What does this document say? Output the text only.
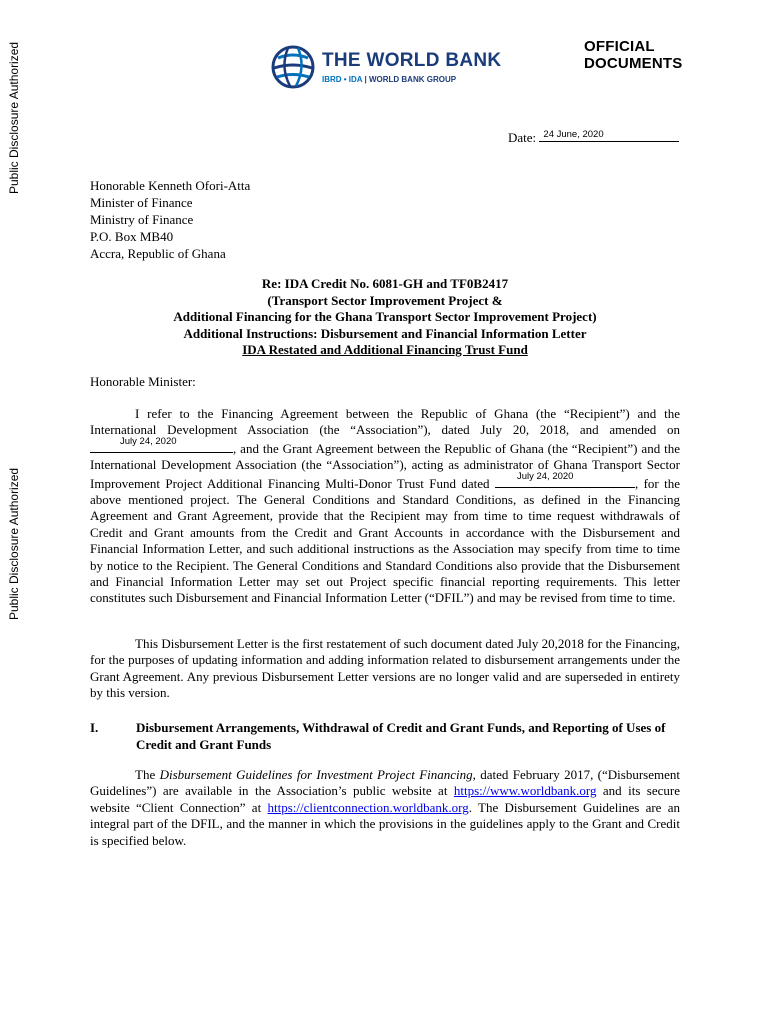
Public Disclosure Authorized
Public Disclosure Authorized
THE WORLD BANK
IBRD • IDA | WORLD BANK GROUP
OFFICIAL
DOCUMENTS
Date: 24 June, 2020
Honorable Kenneth Ofori-Atta
Minister of Finance
Ministry of Finance
P.O. Box MB40
Accra, Republic of Ghana
Re: IDA Credit No. 6081-GH and TF0B2417
(Transport Sector Improvement Project &
Additional Financing for the Ghana Transport Sector Improvement Project)
Additional Instructions: Disbursement and Financial Information Letter
IDA Restated and Additional Financing Trust Fund
Honorable Minister:
I refer to the Financing Agreement between the Republic of Ghana (the “Recipient”) and the International Development Association (the “Association”), dated July 20, 2018, and amended on
July 24, 2020	, and the Grant Agreement between the Republic of Ghana (the “Recipient”) and the International Development Association (the “Association”), acting as administrator of Ghana Transport Sector Improvement Project Additional Financing Multi-Donor Trust Fund dated July 24, 2020	, for the above mentioned project. The General Conditions and Standard Conditions, as defined in the Financing Agreement and Grant Agreement, provide that the Recipient may from time to time request withdrawals of Credit and Grant amounts from the Credit and Grant Accounts in accordance with the Disbursement and Financial Information Letter, and such additional instructions as the Association may specify from time to time by notice to the Recipient. The General Conditions and Standard Conditions also provide that the Disbursement and Financial Information Letter may set out Project specific financial reporting requirements. This letter constitutes such Disbursement and Financial Information Letter (“DFIL”) and may be revised from time to time.
This Disbursement Letter is the first restatement of such document dated July 20,2018 for the Financing, for the purposes of updating information and adding information related to disbursement arrangements under the Grant Agreement. Any previous Disbursement Letter versions are no longer valid and are superseded in entirety by this version.
I.	Disbursement Arrangements, Withdrawal of Credit and Grant Funds, and Reporting of Uses of Credit and Grant Funds
The Disbursement Guidelines for Investment Project Financing, dated February 2017, (“Disbursement Guidelines”) are available in the Association’s public website at https://www.worldbank.org and its secure website “Client Connection” at https://clientconnection.worldbank.org. The Disbursement Guidelines are an integral part of the DFIL, and the manner in which the provisions in the guidelines apply to the Grant and Credit is specified below.
